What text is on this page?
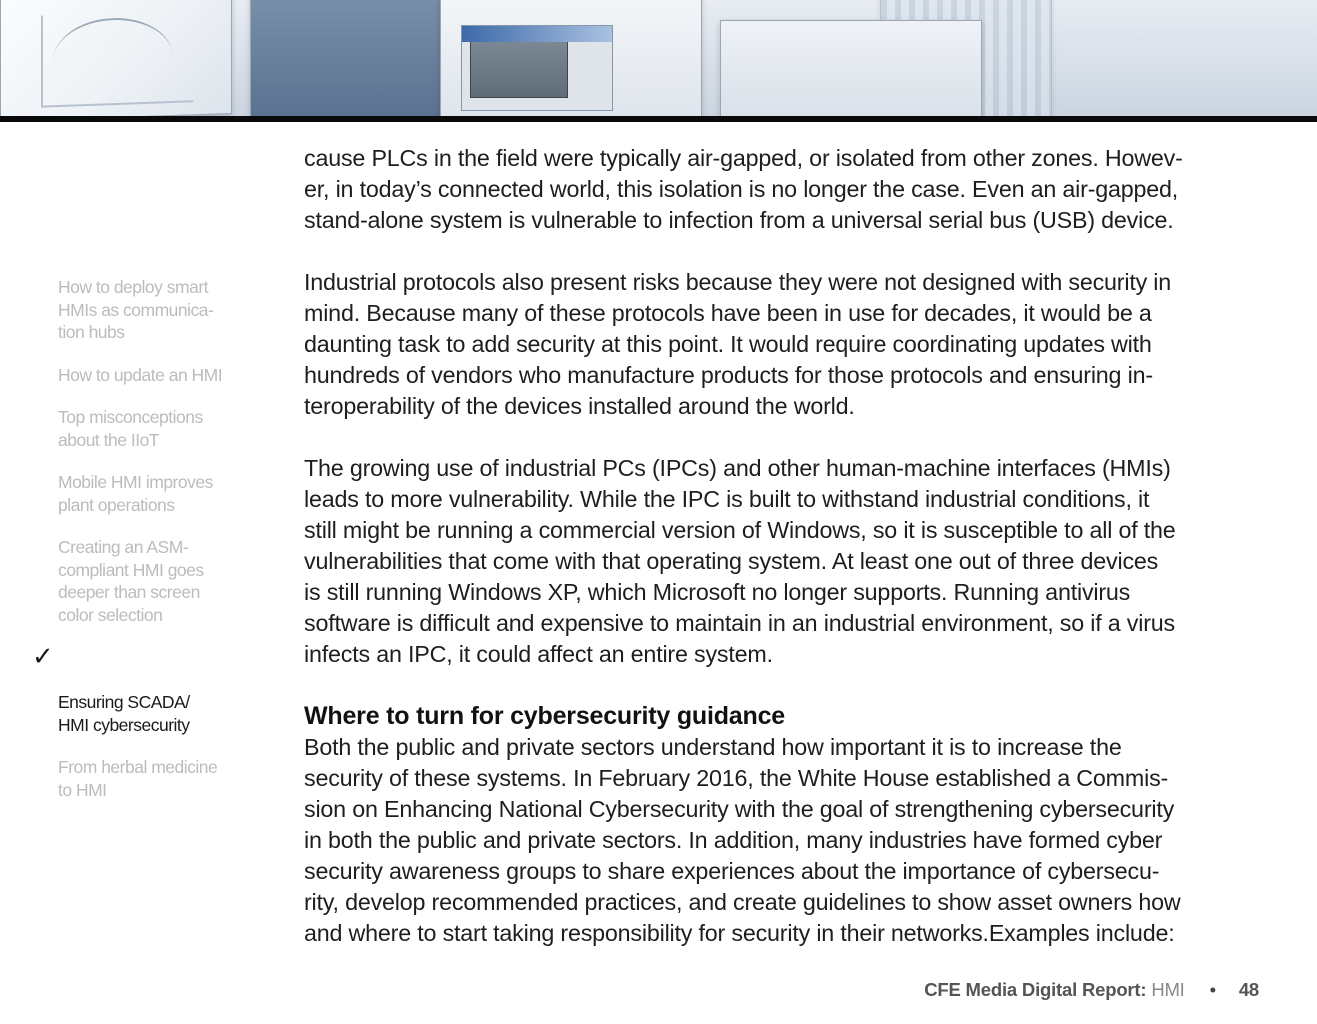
How to deploy smart
HMIs as communica-
tion hubs
How to update an HMI
Top misconceptions
about the IIoT
Mobile HMI improves
plant operations
Creating an ASM-
compliant HMI goes
deeper than screen
color selection

✓

Ensuring SCADA/
HMI cybersecurity

From herbal medicine
to HMI

cause PLCs in the field were typically air-gapped, or isolated from other zones. Howev-
er, in today’s connected world, this isolation is no longer the case. Even an air-gapped,
stand-alone system is vulnerable to infection from a universal serial bus (USB) device.

Industrial protocols also present risks because they were not designed with security in
mind. Because many of these protocols have been in use for decades, it would be a
daunting task to add security at this point. It would require coordinating updates with
hundreds of vendors who manufacture products for those protocols and ensuring in-
teroperability of the devices installed around the world.

The growing use of industrial PCs (IPCs) and other human-machine interfaces (HMIs)
leads to more vulnerability. While the IPC is built to withstand industrial conditions, it
still might be running a commercial version of Windows, so it is susceptible to all of the
vulnerabilities that come with that operating system. At least one out of three devices
is still running Windows XP, which Microsoft no longer supports. Running antivirus
software is difficult and expensive to maintain in an industrial environment, so if a virus
infects an IPC, it could affect an entire system.

Where to turn for cybersecurity guidance

Both the public and private sectors understand how important it is to increase the
security of these systems. In February 2016, the White House established a Commis-
sion on Enhancing National Cybersecurity with the goal of strengthening cybersecurity
in both the public and private sectors. In addition, many industries have formed cyber
security awareness groups to share experiences about the importance of cybersecu-
rity, develop recommended practices, and create guidelines to show asset owners how
and where to start taking responsibility for security in their networks.Examples include:

CFE Media Digital Report: HMI • 48
